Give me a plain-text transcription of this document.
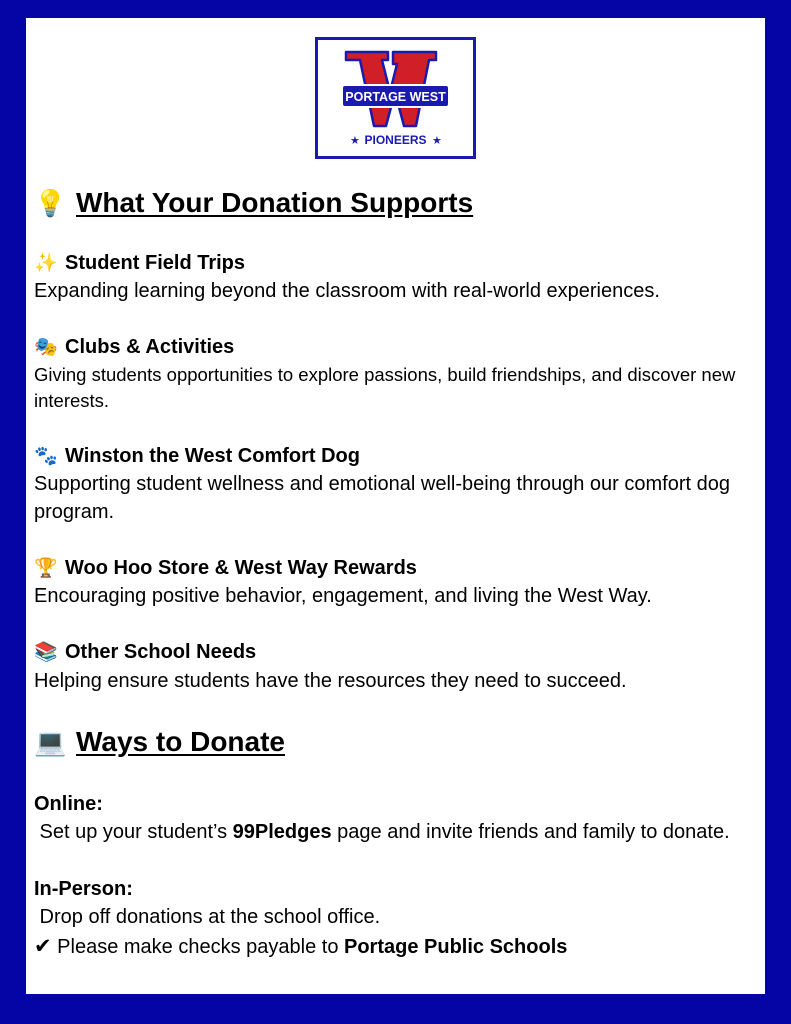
PORTAGE WEST
★ PIONEERS ★
💡 What Your Donation Supports
✨ Student Field Trips
Expanding learning beyond the classroom with real-world experiences.
🎭 Clubs & Activities
Giving students opportunities to explore passions, build friendships, and discover new interests.
🐾 Winston the West Comfort Dog
Supporting student wellness and emotional well-being through our comfort dog program.
🏆 Woo Hoo Store & West Way Rewards
Encouraging positive behavior, engagement, and living the West Way.
📚 Other School Needs
Helping ensure students have the resources they need to succeed.
💻 Ways to Donate
Online:
Set up your student’s 99Pledges page and invite friends and family to donate.
In-Person:
Drop off donations at the school office.
✔ Please make checks payable to Portage Public Schools
